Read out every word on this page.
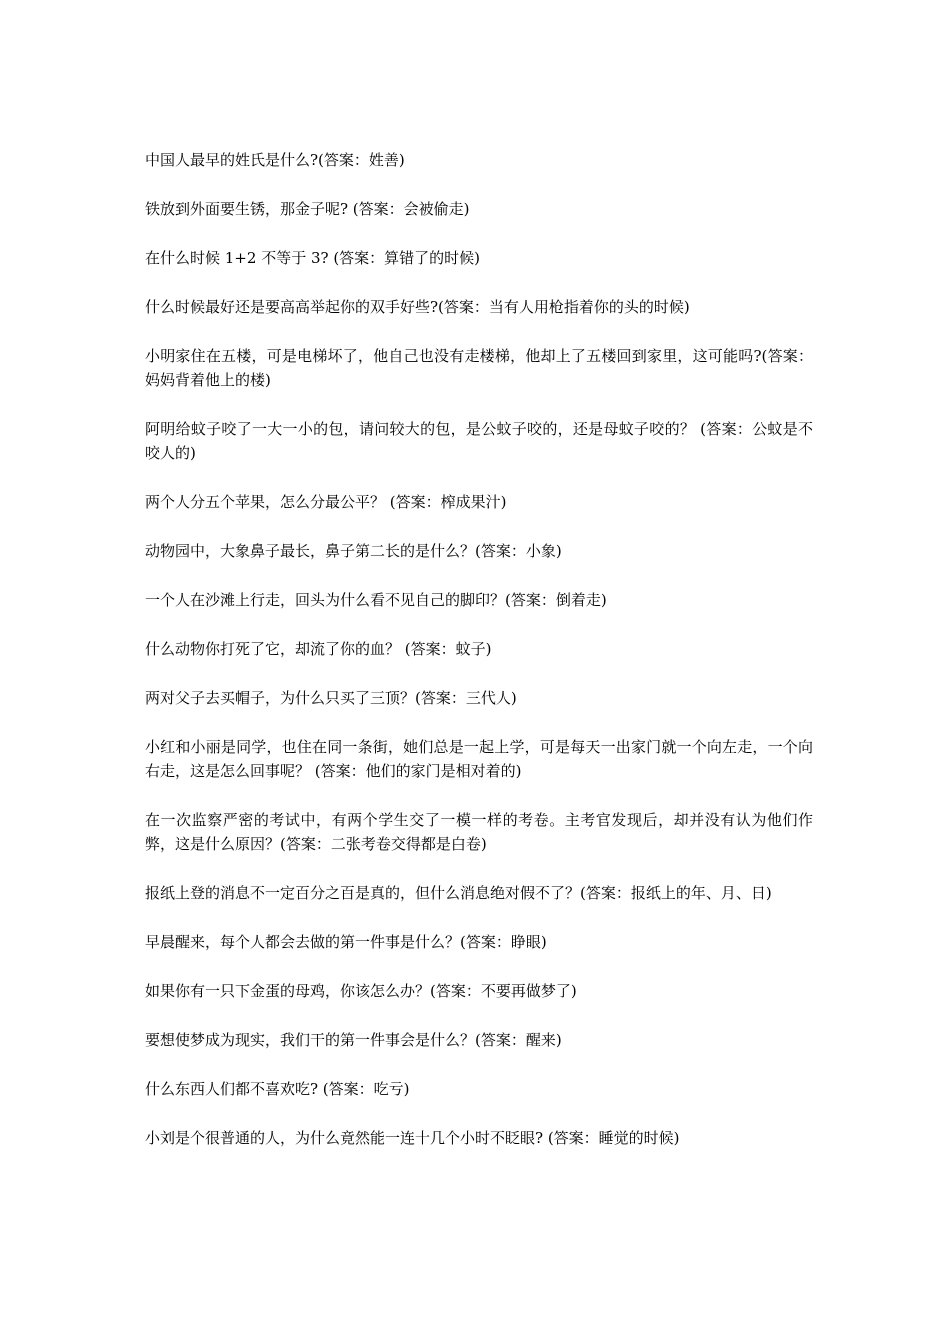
中国人最早的姓氏是什么?(答案：姓善)

铁放到外面要生锈，那金子呢? (答案：会被偷走)

在什么时候 1+2 不等于 3? (答案：算错了的时候)

什么时候最好还是要高高举起你的双手好些?(答案：当有人用枪指着你的头的时候)

小明家住在五楼，可是电梯坏了，他自己也没有走楼梯，他却上了五楼回到家里，这可能吗?(答案：妈妈背着他上的楼)

阿明给蚊子咬了一大一小的包，请问较大的包，是公蚊子咬的，还是母蚊子咬的？ (答案：公蚊是不咬人的)

两个人分五个苹果，怎么分最公平？ (答案：榨成果汁)

动物园中，大象鼻子最长，鼻子第二长的是什么？(答案：小象)

一个人在沙滩上行走，回头为什么看不见自己的脚印？(答案：倒着走)

什么动物你打死了它，却流了你的血？ (答案：蚊子)

两对父子去买帽子，为什么只买了三顶？(答案：三代人)

小红和小丽是同学，也住在同一条街，她们总是一起上学，可是每天一出家门就一个向左走，一个向右走，这是怎么回事呢？ (答案：他们的家门是相对着的)

在一次监察严密的考试中，有两个学生交了一模一样的考卷。主考官发现后，却并没有认为他们作弊，这是什么原因？(答案：二张考卷交得都是白卷)

报纸上登的消息不一定百分之百是真的，但什么消息绝对假不了？(答案：报纸上的年、月、日)

早晨醒来，每个人都会去做的第一件事是什么？(答案：睁眼)

如果你有一只下金蛋的母鸡，你该怎么办？(答案：不要再做梦了)

要想使梦成为现实，我们干的第一件事会是什么？(答案：醒来)

什么东西人们都不喜欢吃? (答案：吃亏)

小刘是个很普通的人，为什么竟然能一连十几个小时不眨眼? (答案：睡觉的时候)
